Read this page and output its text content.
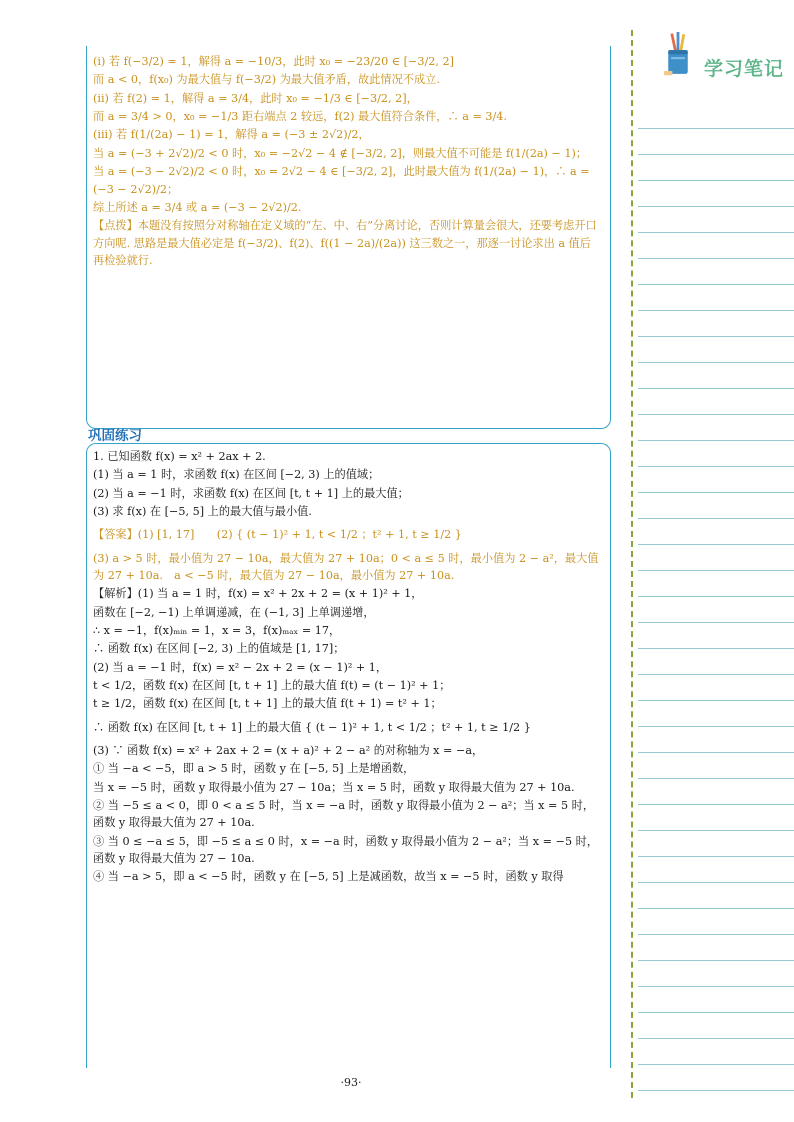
(i) 若 f(−3/2) = 1，解得 a = −10/3，此时 x₀ = −23/20 ∈ [−3/2, 2]
而 a < 0，f(x₀) 为最大值与 f(−3/2) 为最大值矛盾，故此情况不成立.
(ii) 若 f(2) = 1，解得 a = 3/4，此时 x₀ = −1/3 ∈ [−3/2, 2]，
而 a = 3/4 > 0，x₀ = −1/3 距右端点 2 较远，f(2) 最大值符合条件，∴ a = 3/4.
(iii) 若 f(1/(2a) − 1) = 1，解得 a = (−3 ± 2√2)/2，
当 a = (−3 + 2√2)/2 < 0 时，x₀ = −2√2 − 4 ∉ [−3/2, 2]，则最大值不可能是 f(1/(2a) − 1)；
当 a = (−3 − 2√2)/2 < 0 时，x₀ = 2√2 − 4 ∈ [−3/2, 2]，此时最大值为 f(1/(2a) − 1)，∴ a = (−3 − 2√2)/2；
综上所述 a = 3/4 或 a = (−3 − 2√2)/2.
【点拨】本题没有按照分对称轴在定义域的“左、中、右”分离讨论，否则计算量会很大，还要考虑开口方向呢. 思路是最大值必定是 f(−3/2)、f(2)、f((1 − 2a)/(2a)) 这三数之一，那逐一讨论求出 a 值后再检验就行.
巩固练习
1. 已知函数 f(x) = x² + 2ax + 2.
(1) 当 a = 1 时，求函数 f(x) 在区间 [−2, 3) 上的值域；
(2) 当 a = −1 时，求函数 f(x) 在区间 [t, t + 1] 上的最大值；
(3) 求 f(x) 在 [−5, 5] 上的最大值与最小值.
【答案】(1) [1, 17]　　(2) { (t − 1)² + 1, t < 1/2 ；t² + 1, t ≥ 1/2 }
(3) a > 5 时，最小值为 27 − 10a，最大值为 27 + 10a；0 < a ≤ 5 时，最小值为 2 − a²，最大值为 27 + 10a.　a < −5 时，最大值为 27 − 10a，最小值为 27 + 10a.
【解析】(1) 当 a = 1 时，f(x) = x² + 2x + 2 = (x + 1)² + 1，
函数在 [−2, −1) 上单调递减，在 (−1, 3] 上单调递增，
∴ x = −1，f(x)ₘᵢₙ = 1，x = 3，f(x)ₘₐₓ = 17，
∴ 函数 f(x) 在区间 [−2, 3) 上的值域是 [1, 17]；
(2) 当 a = −1 时，f(x) = x² − 2x + 2 = (x − 1)² + 1，
t < 1/2，函数 f(x) 在区间 [t, t + 1] 上的最大值 f(t) = (t − 1)² + 1；
t ≥ 1/2，函数 f(x) 在区间 [t, t + 1] 上的最大值 f(t + 1) = t² + 1；
∴ 函数 f(x) 在区间 [t, t + 1] 上的最大值 { (t − 1)² + 1, t < 1/2 ；t² + 1, t ≥ 1/2 }
(3) ∵ 函数 f(x) = x² + 2ax + 2 = (x + a)² + 2 − a² 的对称轴为 x = −a，
① 当 −a < −5，即 a > 5 时，函数 y 在 [−5, 5] 上是增函数，
当 x = −5 时，函数 y 取得最小值为 27 − 10a；当 x = 5 时，函数 y 取得最大值为 27 + 10a.
② 当 −5 ≤ a < 0，即 0 < a ≤ 5 时，当 x = −a 时，函数 y 取得最小值为 2 − a²；当 x = 5 时，函数 y 取得最大值为 27 + 10a.
③ 当 0 ≤ −a ≤ 5，即 −5 ≤ a ≤ 0 时，x = −a 时，函数 y 取得最小值为 2 − a²；当 x = −5 时，函数 y 取得最大值为 27 − 10a.
④ 当 −a > 5，即 a < −5 时，函数 y 在 [−5, 5] 上是减函数，故当 x = −5 时，函数 y 取得
·93·
学习笔记
